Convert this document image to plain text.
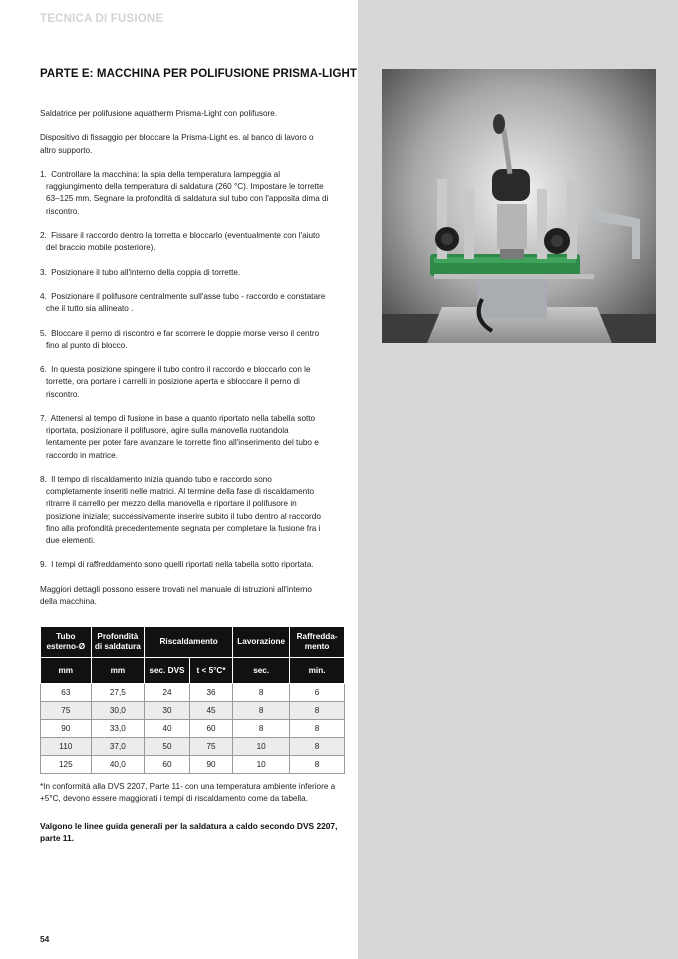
TECNICA DI FUSIONE
PARTE E: MACCHINA PER POLIFUSIONE PRISMA-LIGHT

Saldatrice per polifusione aquatherm Prisma-Light con polifusore.

Dispositivo di fissaggio per bloccare la Prisma-Light es. al banco di lavoro o altro supporto.

1. Controllare la macchina: la spia della temperatura lampeggia al raggiungimento della temperatura di saldatura (260 °C). Impostare le torrette 63–125 mm. Segnare la profondità di saldatura sul tubo con l'apposita dima di riscontro.
2. Fissare il raccordo dentro la torretta e bloccarlo (eventualmente con l'aiuto del braccio mobile posteriore).
3. Posizionare il tubo all'interno della coppia di torrette.
4. Posizionare il polifusore centralmente sull'asse tubo - raccordo e constatare che il tutto sia allineato .
5. Bloccare il perno di riscontro e far scorrere le doppie morse verso il centro fino al punto di blocco.
6. In questa posizione spingere il tubo contro il raccordo e bloccarlo con le torrette, ora portare i carrelli in posizione aperta e sbloccare il perno di riscontro.
7. Attenersi al tempo di fusione in base a quanto riportato nella tabella sotto riportata, posizionare il polifusore, agire sulla manovella ruotandola lentamente per poter fare avanzare le torrette fino all'inserimento del tubo e raccordo in matrice.
8. Il tempo di riscaldamento inizia quando tubo e raccordo sono completamente inseriti nelle matrici. Al termine della fase di riscaldamento ritrarre il carrello per mezzo della manovella e riportare il polifusore in posizione iniziale; successivamente inserire subito il tubo dentro al raccordo fino alla profondità precedentemente segnata per completare la fusione fra i due elementi.
9. I tempi di raffreddamento sono quelli riportati nella tabella sotto riportata.

Maggiori dettagli possono essere trovati nel manuale di istruzioni all'interno della macchina.

Tubo esterno-Ø	Profondità di saldatura	Riscaldamento		Lavorazione	Raffredda-mento
mm	mm	sec. DVS	t < 5°C*	sec.	min.
63	27,5	24	36	8	6
75	30,0	30	45	8	8
90	33,0	40	60	8	8
110	37,0	50	75	10	8
125	40,0	60	90	10	8
*In conformità alla DVS 2207, Parte 11- con una temperatura ambiente inferiore a +5°C, devono essere maggiorati i tempi di riscaldamento come da tabella.
Valgono le linee guida generali per la saldatura a caldo secondo DVS 2207, parte 11.
54
